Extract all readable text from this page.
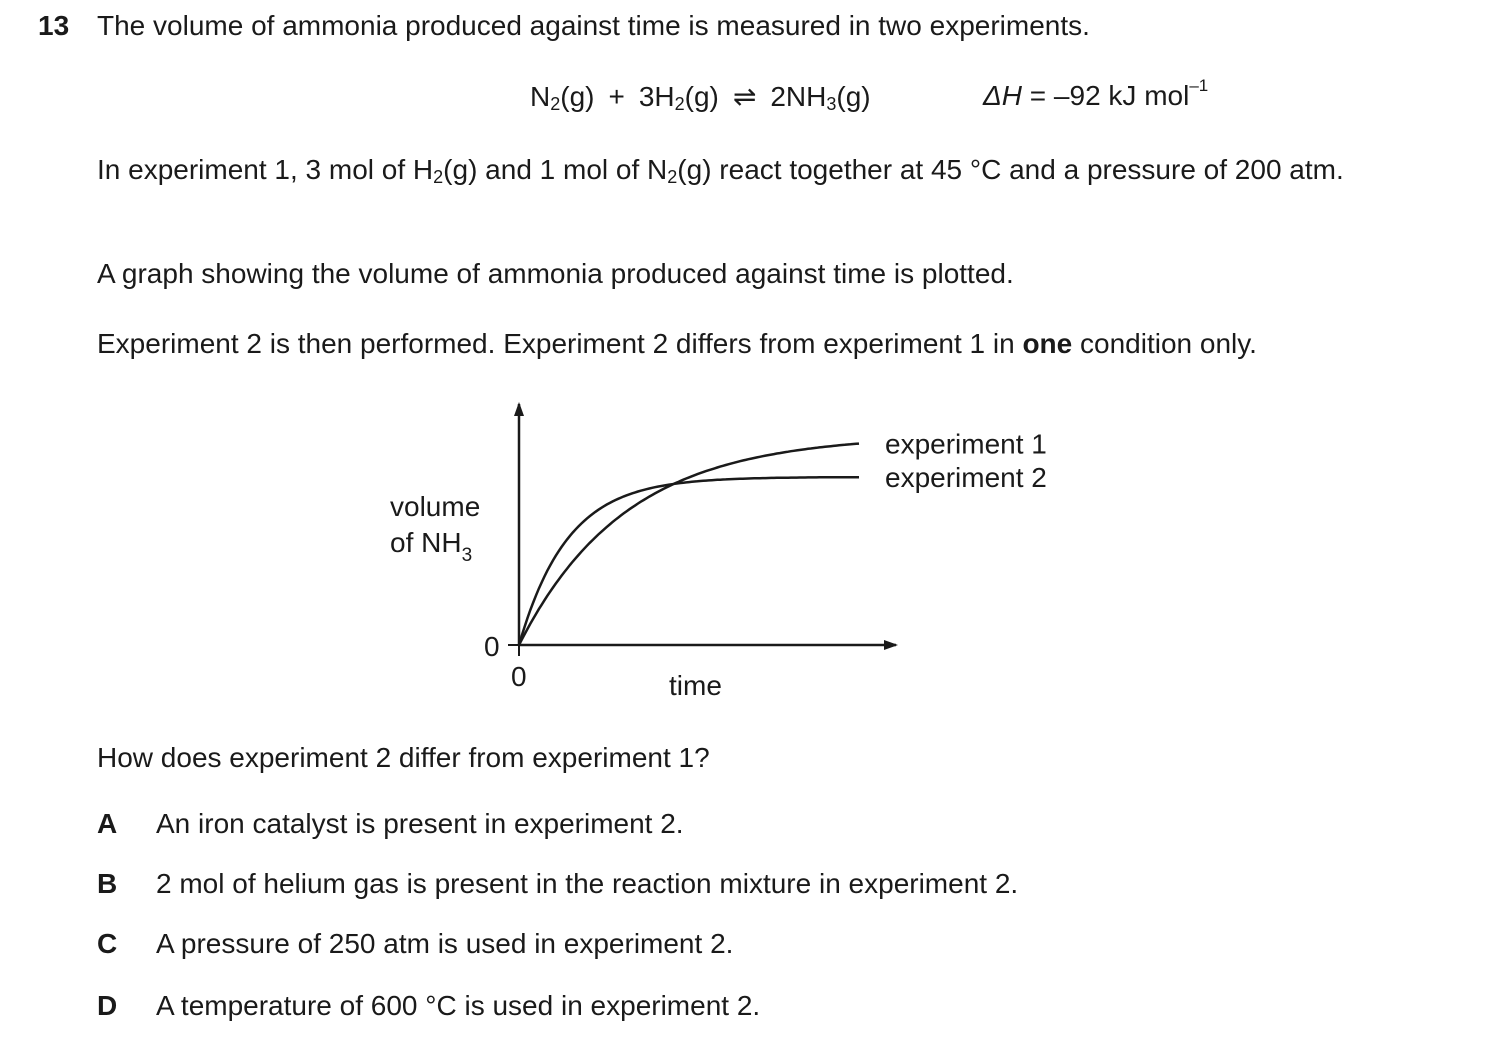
13 The volume of ammonia produced against time is measured in two experiments.
$N_2(g) + 3H_2(g)$ ⇌ $2NH_3(g)$	ΔH = –92 kJ mol$^{-1}$
In experiment 1, 3 mol of $H_2(g)$ and 1 mol of $N_2(g)$ react together at 45 °C and a pressure of 200 atm.
A graph showing the volume of ammonia produced against time is plotted.
Experiment 2 is then performed. Experiment 2 differs from experiment 1 in one condition only.
experiment 1
experiment 2
volume
of $NH_3$
0
0	time
How does experiment 2 differ from experiment 1?
A An iron catalyst is present in experiment 2.
B 2 mol of helium gas is present in the reaction mixture in experiment 2.
C A pressure of 250 atm is used in experiment 2.
D A temperature of 600 °C is used in experiment 2.
